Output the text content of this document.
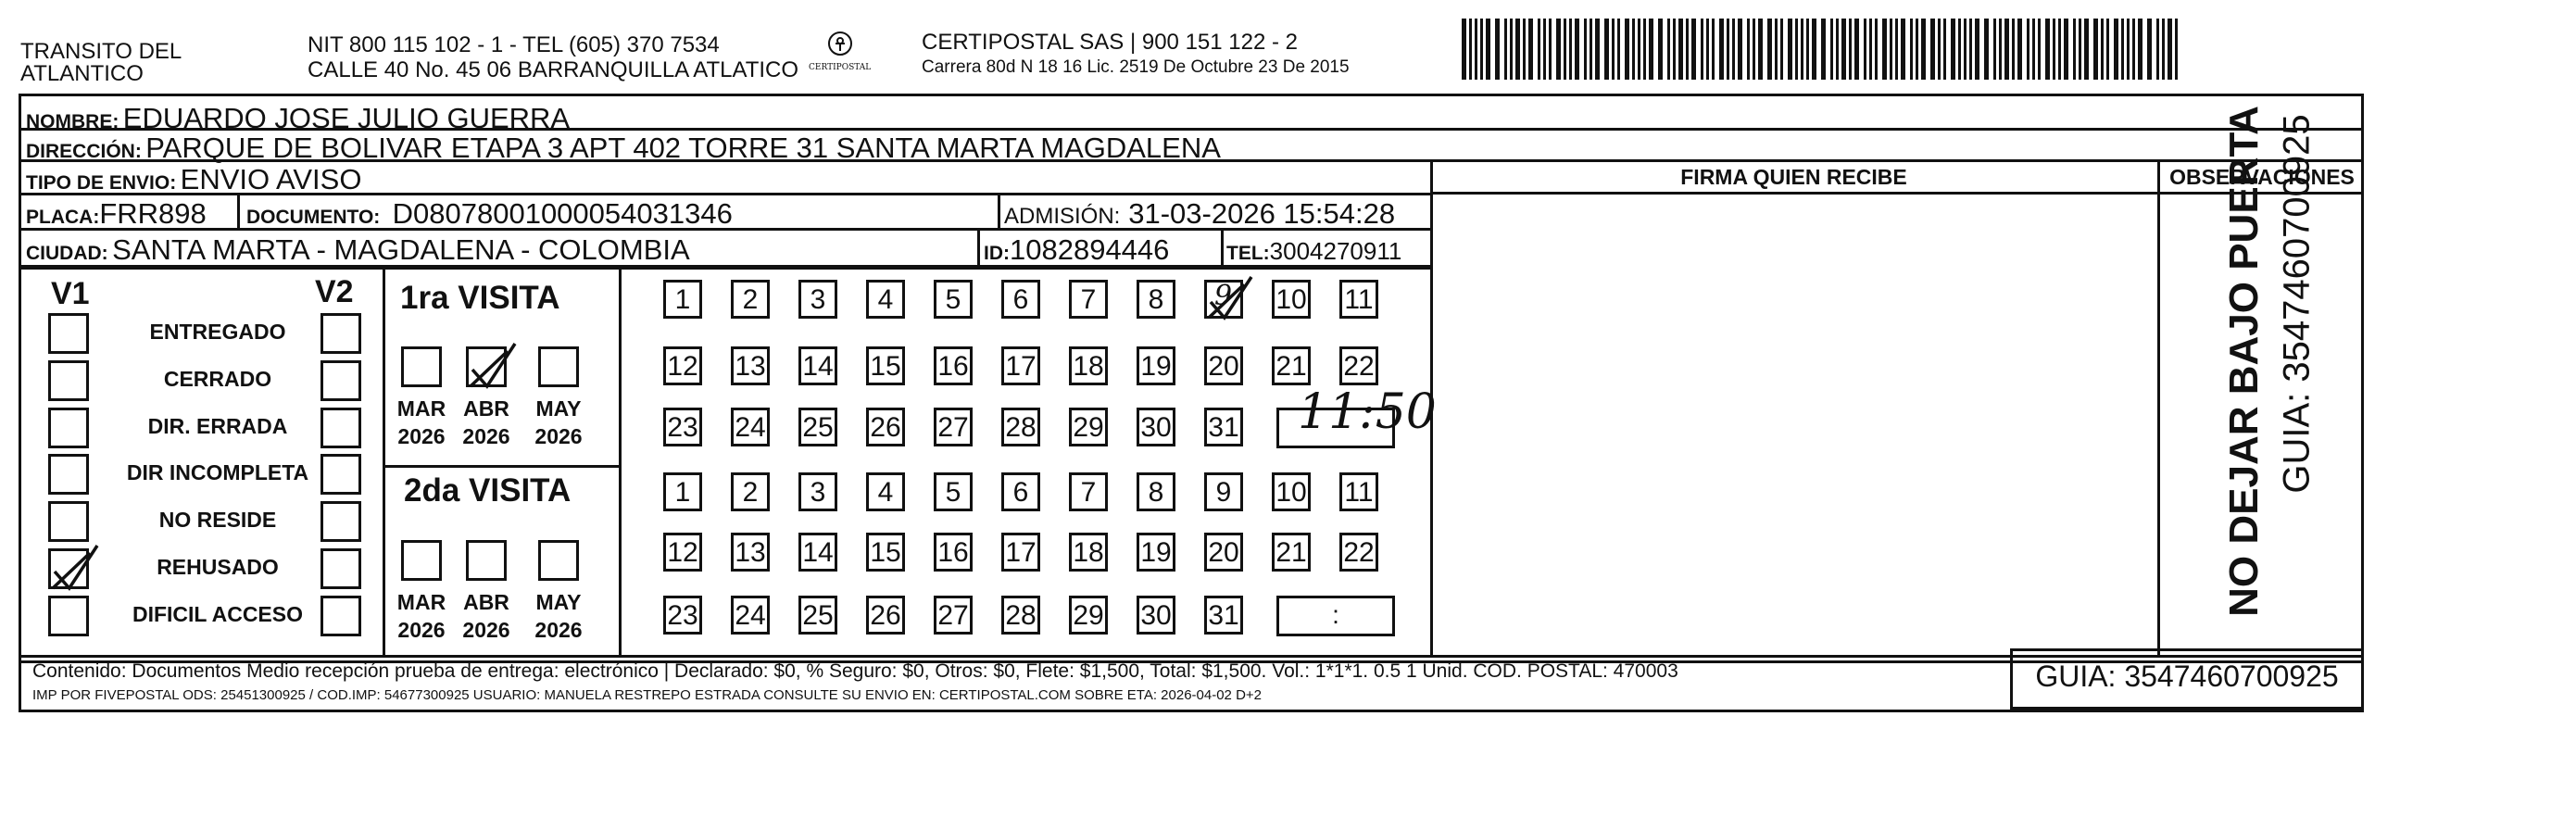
TRANSITO DEL
ATLANTICO
NIT 800 115 102 - 1 - TEL (605) 370 7534
CALLE 40 No. 45 06 BARRANQUILLA ATLATICO CERTIPOSTAL
CERTIPOSTAL SAS | 900 151 122 - 2
Carrera 80d N 18 16 Lic. 2519 De Octubre 23 De 2015
NOMBRE: EDUARDO JOSE JULIO GUERRA
DIRECCIÓN: PARQUE DE BOLIVAR ETAPA 3 APT 402 TORRE 31 SANTA MARTA MAGDALENA
TIPO DE ENVIO: ENVIO AVISO
PLACA:FRR898 DOCUMENTO: D08078001000054031346	ADMISIÓN: 31-03-2026 15:54:28
CIUDAD: SANTA MARTA - MAGDALENA - COLOMBIA	ID:1082894446	TEL:3004270911
FIRMA QUIEN RECIBE	OBSERVACIONES
V1	V2
ENTREGADO
CERRADO
DIR. ERRADA
DIR INCOMPLETA
NO RESIDE
REHUSADO
DIFICIL ACCESO
1ra VISITA
MAR
2026
ABR
2026
MAY
2026
1	2	3	4	5	6	7	8	9 10 11
12 13 14 15 16 17 18 19 20 21 22
23 24 25 26 27 28 29 30 31 11:50
2da VISITA
MAR
2026
ABR
2026
MAY
2026
1	2	3	4	5	6	7	8	9	10 11
12 13 14 15 16 17 18 19 20 21 22
23 24 25 26 27 28 29 30 31	:
Contenido: Documentos Medio recepción prueba de entrega: electrónico | Declarado: $0, % Seguro: $0, Otros: $0, Flete: $1,500, Total: $1,500. Vol.: 1*1*1. 0.5 1 Unid. COD. POSTAL: 470003
IMP POR FIVEPOSTAL ODS: 25451300925 / COD.IMP: 54677300925 USUARIO: MANUELA RESTREPO ESTRADA CONSULTE SU ENVIO EN: CERTIPOSTAL.COM SOBRE ETA: 2026-04-02 D+2
GUIA: 3547460700925
NO DEJAR BAJO PUERTA GUIA: 3547460700925
